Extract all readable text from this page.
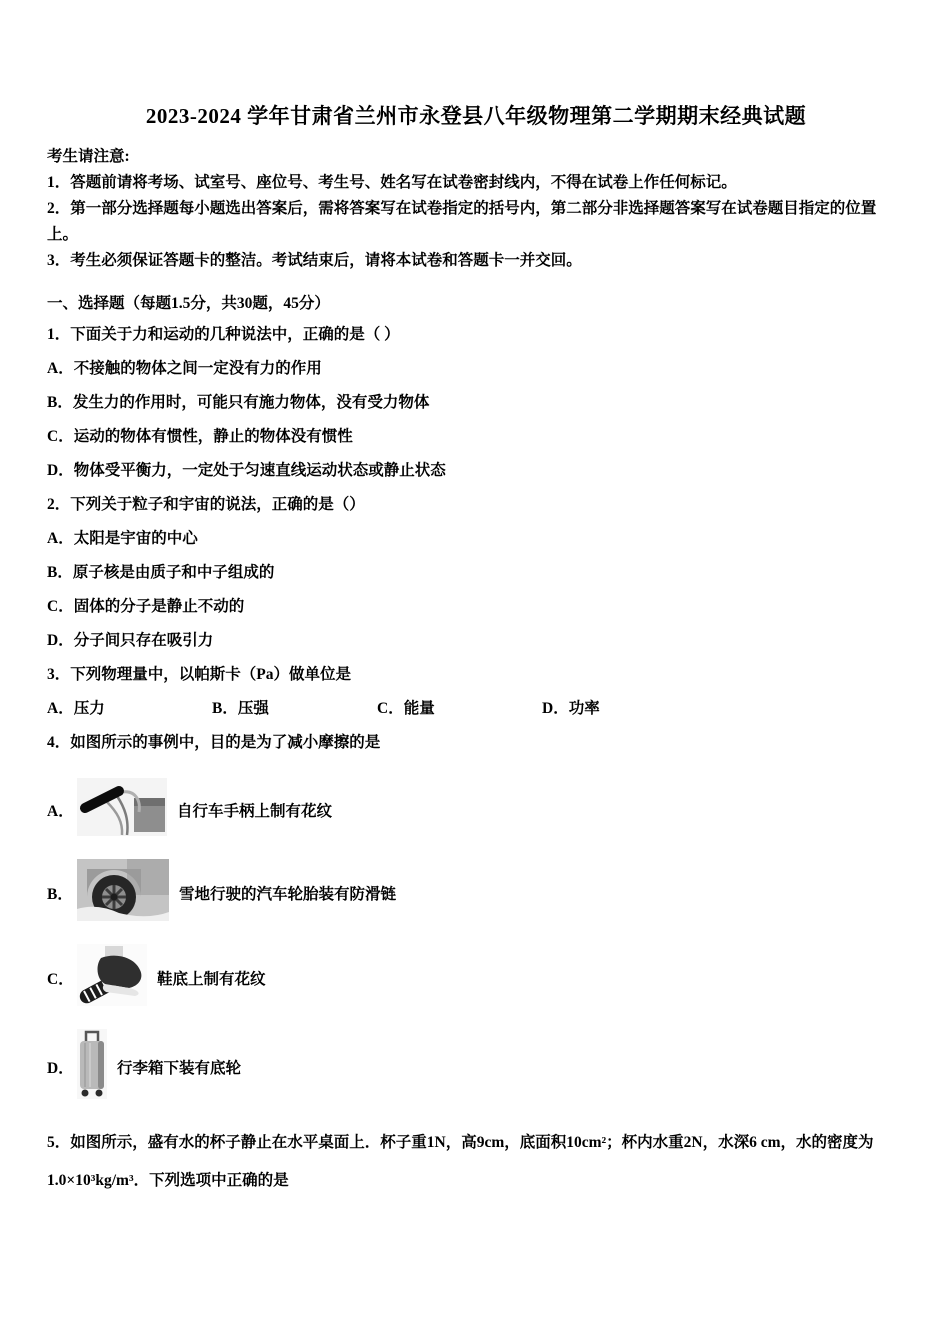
2023-2024 学年甘肃省兰州市永登县八年级物理第二学期期末经典试题

考生请注意:

1．答题前请将考场、试室号、座位号、考生号、姓名写在试卷密封线内，不得在试卷上作任何标记。

2．第一部分选择题每小题选出答案后，需将答案写在试卷指定的括号内，第二部分非选择题答案写在试卷题目指定的位置上。

3．考生必须保证答题卡的整洁。考试结束后，请将本试卷和答题卡一并交回。

一、选择题（每题1.5分，共30题，45分）

1．下面关于力和运动的几种说法中，正确的是（ ）

A．不接触的物体之间一定没有力的作用

B．发生力的作用时，可能只有施力物体，没有受力物体

C．运动的物体有惯性，静止的物体没有惯性

D．物体受平衡力，一定处于匀速直线运动状态或静止状态

2．下列关于粒子和宇宙的说法，正确的是（）

A．太阳是宇宙的中心

B．原子核是由质子和中子组成的

C．固体的分子是静止不动的

D．分子间只存在吸引力

3．下列物理量中，以帕斯卡（Pa）做单位是

A．压力	B．压强	C．能量	D．功率

4．如图所示的事例中，目的是为了减小摩擦的是

A．	自行车手柄上制有花纹
B．	雪地行驶的汽车轮胎装有防滑链
C．	鞋底上制有花纹
D．	行李箱下装有底轮

5．如图所示，盛有水的杯子静止在水平桌面上．杯子重1N，高9cm，底面积10cm²；杯内水重2N，水深6 cm，水的密度为1.0×10³kg/m³．下列选项中正确的是
